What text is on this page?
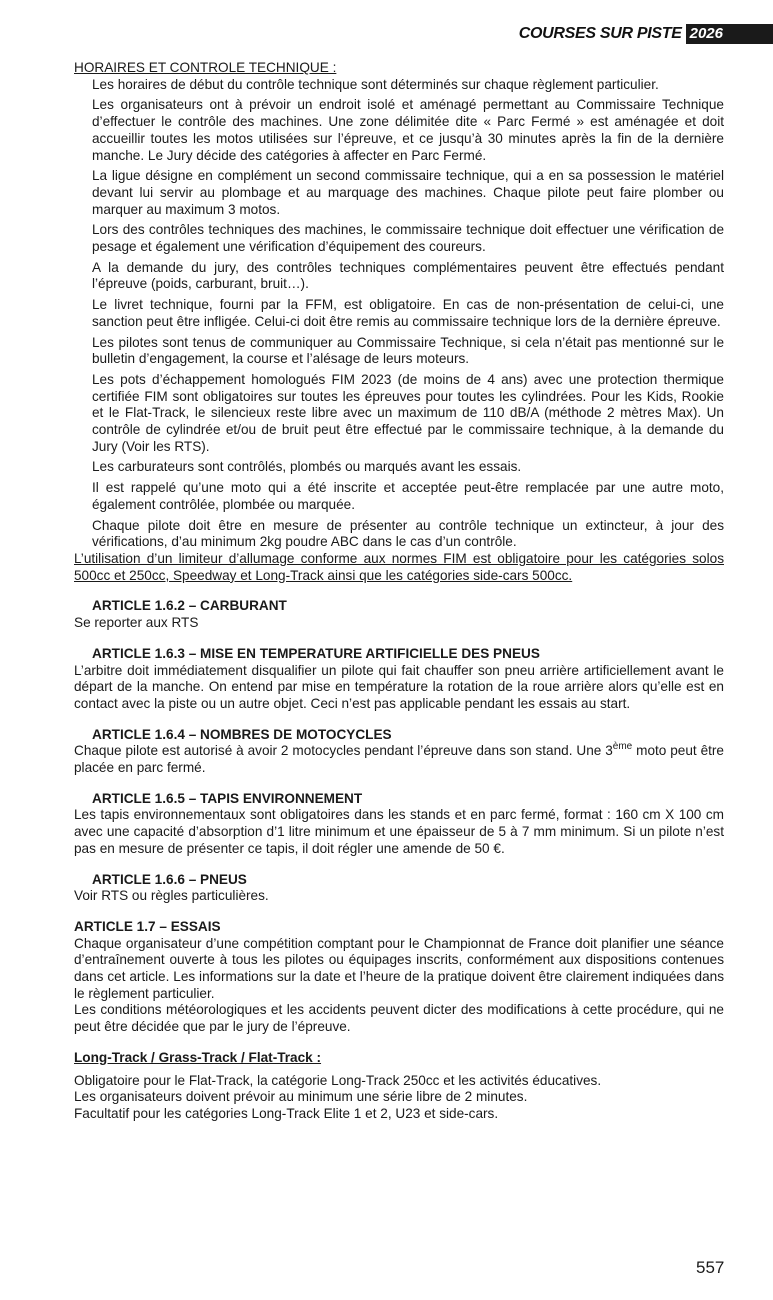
COURSES SUR PISTE 2026

HORAIRES ET CONTROLE TECHNIQUE :

Les horaires de début du contrôle technique sont déterminés sur chaque règlement particulier.

Les organisateurs ont à prévoir un endroit isolé et aménagé permettant au Commissaire Technique d’effectuer le contrôle des machines. Une zone délimitée dite « Parc Fermé » est aménagée et doit accueillir toutes les motos utilisées sur l’épreuve, et ce jusqu’à 30 minutes après la fin de la dernière manche. Le Jury décide des catégories à affecter en Parc Fermé.

La ligue désigne en complément un second commissaire technique, qui a en sa possession le matériel devant lui servir au plombage et au marquage des machines. Chaque pilote peut faire plomber ou marquer au maximum 3 motos.

Lors des contrôles techniques des machines, le commissaire technique doit effectuer une vérification de pesage et également une vérification d’équipement des coureurs.

A la demande du jury, des contrôles techniques complémentaires peuvent être effectués pendant l’épreuve (poids, carburant, bruit…).

Le livret technique, fourni par la FFM, est obligatoire. En cas de non-présentation de celui-ci, une sanction peut être infligée. Celui-ci doit être remis au commissaire technique lors de la dernière épreuve.

Les pilotes sont tenus de communiquer au Commissaire Technique, si cela n’était pas mentionné sur le bulletin d’engagement, la course et l’alésage de leurs moteurs.

Les pots d’échappement homologués FIM 2023 (de moins de 4 ans) avec une protection thermique certifiée FIM sont obligatoires sur toutes les épreuves pour toutes les cylindrées. Pour les Kids, Rookie et le Flat-Track, le silencieux reste libre avec un maximum de 110 dB/A (méthode 2 mètres Max). Un contrôle de cylindrée et/ou de bruit peut être effectué par le commissaire technique, à la demande du Jury (Voir les RTS).

Les carburateurs sont contrôlés, plombés ou marqués avant les essais.

Il est rappelé qu’une moto qui a été inscrite et acceptée peut-être remplacée par une autre moto, également contrôlée, plombée ou marquée.

Chaque pilote doit être en mesure de présenter au contrôle technique un extincteur, à jour des vérifications, d’au minimum 2kg poudre ABC dans le cas d’un contrôle.

L’utilisation d’un limiteur d’allumage conforme aux normes FIM est obligatoire pour les catégories solos 500cc et 250cc, Speedway et Long-Track ainsi que les catégories side-cars 500cc.

ARTICLE 1.6.2 – CARBURANT

Se reporter aux RTS

ARTICLE 1.6.3 – MISE EN TEMPERATURE ARTIFICIELLE DES PNEUS

L’arbitre doit immédiatement disqualifier un pilote qui fait chauffer son pneu arrière artificiellement avant le départ de la manche. On entend par mise en température la rotation de la roue arrière alors qu’elle est en contact avec la piste ou un autre objet. Ceci n’est pas applicable pendant les essais au start.

ARTICLE 1.6.4 – NOMBRES DE MOTOCYCLES

Chaque pilote est autorisé à avoir 2 motocycles pendant l’épreuve dans son stand. Une 3ème moto peut être placée en parc fermé.

ARTICLE 1.6.5 – TAPIS ENVIRONNEMENT

Les tapis environnementaux sont obligatoires dans les stands et en parc fermé, format : 160 cm X 100 cm avec une capacité d’absorption d’1 litre minimum et une épaisseur de 5 à 7 mm minimum. Si un pilote n’est pas en mesure de présenter ce tapis, il doit régler une amende de 50 €.

ARTICLE 1.6.6 – PNEUS

Voir RTS ou règles particulières.

ARTICLE 1.7 – ESSAIS

Chaque organisateur d’une compétition comptant pour le Championnat de France doit planifier une séance d’entraînement ouverte à tous les pilotes ou équipages inscrits, conformément aux dispositions contenues dans cet article. Les informations sur la date et l’heure de la pratique doivent être clairement indiquées dans le règlement particulier.

Les conditions météorologiques et les accidents peuvent dicter des modifications à cette procédure, qui ne peut être décidée que par le jury de l’épreuve.

Long-Track / Grass-Track / Flat-Track :

Obligatoire pour le Flat-Track, la catégorie Long-Track 250cc et les activités éducatives.

Les organisateurs doivent prévoir au minimum une série libre de 2 minutes.

Facultatif pour les catégories Long-Track Elite 1 et 2, U23 et side-cars.

557
